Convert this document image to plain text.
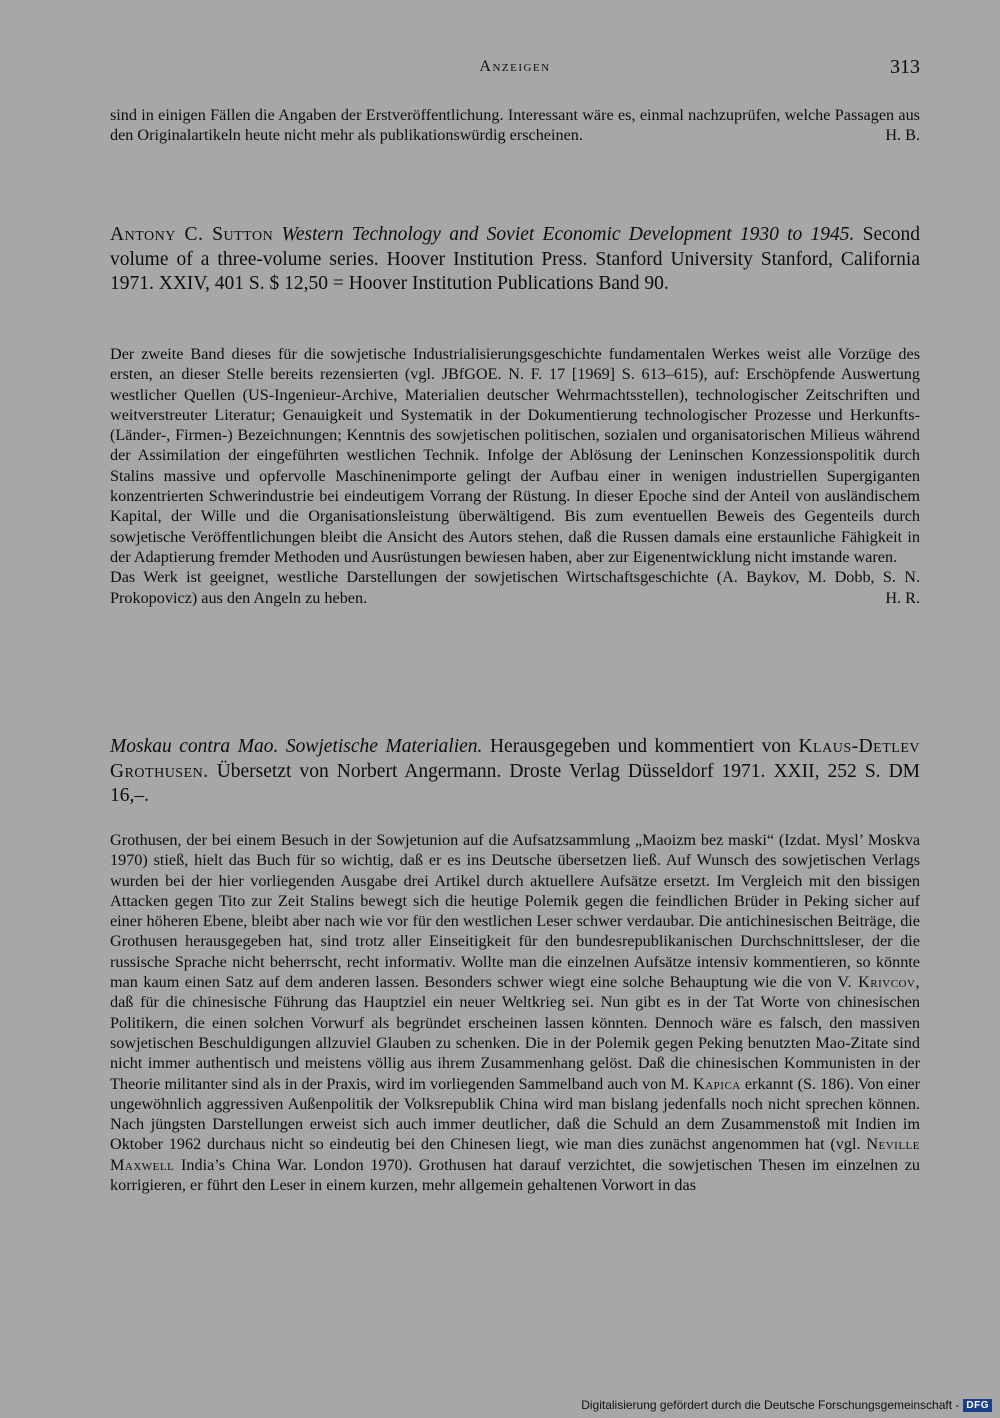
Anzeigen	313

sind in einigen Fällen die Angaben der Erstveröffentlichung. Interessant wäre es, einmal nachzuprüfen, welche Passagen aus den Originalartikeln heute nicht mehr als publikationswürdig erscheinen.	H. B.

Antony C. Sutton Western Technology and Soviet Economic Development 1930 to 1945. Second volume of a three-volume series. Hoover Institution Press. Stanford University Stanford, California 1971. XXIV, 401 S. $ 12,50 = Hoover Institution Publications Band 90.

Der zweite Band dieses für die sowjetische Industrialisierungsgeschichte fundamentalen Werkes weist alle Vorzüge des ersten, an dieser Stelle bereits rezensierten (vgl. JBfGOE. N. F. 17 [1969] S. 613–615), auf: Erschöpfende Auswertung westlicher Quellen (US-Ingenieur-Archive, Materialien deutscher Wehrmachtsstellen), technologischer Zeitschriften und weitverstreuter Literatur; Genauigkeit und Systematik in der Dokumentierung technologischer Prozesse und Herkunfts- (Länder-, Firmen-) Bezeichnungen; Kenntnis des sowjetischen politischen, sozialen und organisatorischen Milieus während der Assimilation der eingeführten westlichen Technik. Infolge der Ablösung der Leninschen Konzessionspolitik durch Stalins massive und opfervolle Maschinenimporte gelingt der Aufbau einer in wenigen industriellen Supergiganten konzentrierten Schwerindustrie bei eindeutigem Vorrang der Rüstung. In dieser Epoche sind der Anteil von ausländischem Kapital, der Wille und die Organisationsleistung überwältigend. Bis zum eventuellen Beweis des Gegenteils durch sowjetische Veröffentlichungen bleibt die Ansicht des Autors stehen, daß die Russen damals eine erstaunliche Fähigkeit in der Adaptierung fremder Methoden und Ausrüstungen bewiesen haben, aber zur Eigenentwicklung nicht imstande waren.

Das Werk ist geeignet, westliche Darstellungen der sowjetischen Wirtschaftsgeschichte (A. Baykov, M. Dobb, S. N. Prokopovicz) aus den Angeln zu heben.	H. R.

Moskau contra Mao. Sowjetische Materialien. Herausgegeben und kommentiert von Klaus-Detlev Grothusen. Übersetzt von Norbert Angermann. Droste Verlag Düsseldorf 1971. XXII, 252 S. DM 16,–.

Grothusen, der bei einem Besuch in der Sowjetunion auf die Aufsatzsammlung „Maoizm bez maski“ (Izdat. Mysl’ Moskva 1970) stieß, hielt das Buch für so wichtig, daß er es ins Deutsche übersetzen ließ. Auf Wunsch des sowjetischen Verlags wurden bei der hier vorliegenden Ausgabe drei Artikel durch aktuellere Aufsätze ersetzt. Im Vergleich mit den bissigen Attacken gegen Tito zur Zeit Stalins bewegt sich die heutige Polemik gegen die feindlichen Brüder in Peking sicher auf einer höheren Ebene, bleibt aber nach wie vor für den westlichen Leser schwer verdaubar. Die antichinesischen Beiträge, die Grothusen herausgegeben hat, sind trotz aller Einseitigkeit für den bundesrepublikanischen Durchschnittsleser, der die russische Sprache nicht beherrscht, recht informativ. Wollte man die einzelnen Aufsätze intensiv kommentieren, so könnte man kaum einen Satz auf dem anderen lassen. Besonders schwer wiegt eine solche Behauptung wie die von V. Krivcov, daß für die chinesische Führung das Hauptziel ein neuer Weltkrieg sei. Nun gibt es in der Tat Worte von chinesischen Politikern, die einen solchen Vorwurf als begründet erscheinen lassen könnten. Dennoch wäre es falsch, den massiven sowjetischen Beschuldigungen allzuviel Glauben zu schenken. Die in der Polemik gegen Peking benutzten Mao-Zitate sind nicht immer authentisch und meistens völlig aus ihrem Zusammenhang gelöst. Daß die chinesischen Kommunisten in der Theorie militanter sind als in der Praxis, wird im vorliegenden Sammelband auch von M. Kapica erkannt (S. 186). Von einer ungewöhnlich aggressiven Außenpolitik der Volksrepublik China wird man bislang jedenfalls noch nicht sprechen können. Nach jüngsten Darstellungen erweist sich auch immer deutlicher, daß die Schuld an dem Zusammenstoß mit Indien im Oktober 1962 durchaus nicht so eindeutig bei den Chinesen liegt, wie man dies zunächst angenommen hat (vgl. Neville Maxwell India’s China War. London 1970). Grothusen hat darauf verzichtet, die sowjetischen Thesen im einzelnen zu korrigieren, er führt den Leser in einem kurzen, mehr allgemein gehaltenen Vorwort in das

Digitalisierung gefördert durch die Deutsche Forschungsgemeinschaft - DFG
